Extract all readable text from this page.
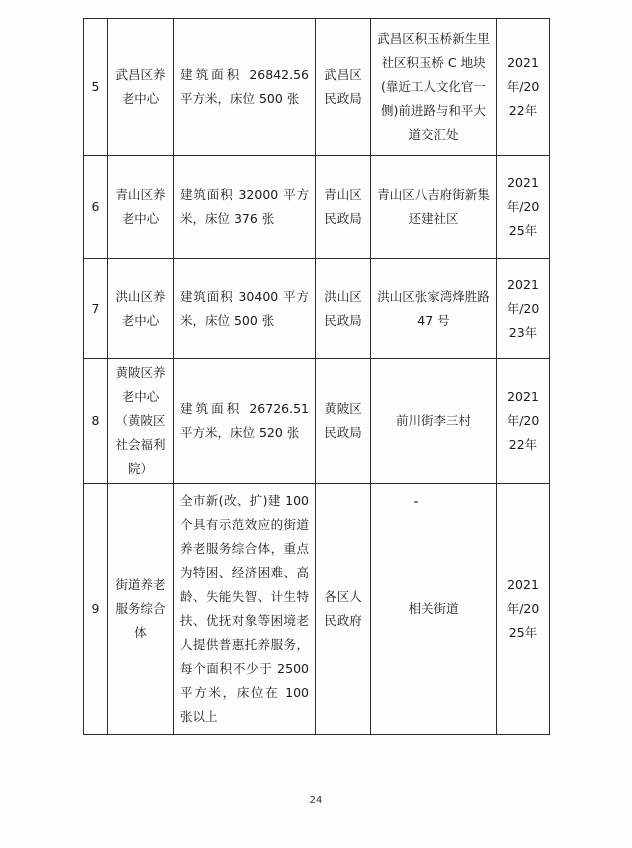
5	武昌区养老中心	建筑面积 26842.56 平方米，床位 500 张	武昌区民政局	武昌区积玉桥新生里社区积玉桥 C 地块(靠近工人文化官一侧)前进路与和平大道交汇处	2021年/2022年
6	青山区养老中心	建筑面积 32000 平方米，床位 376 张	青山区民政局	青山区八吉府街新集还建社区	2021年/2025年
7	洪山区养老中心	建筑面积 30400 平方米，床位 500 张	洪山区民政局	洪山区张家湾烽胜路 47 号	2021年/2023年
8	黄陂区养老中心（黄陂区社会福利院）	建筑面积 26726.51 平方米，床位 520 张	黄陂区民政局	前川街李三村	2021年/2022年
9	街道养老服务综合体	全市新(改、扩)建 100 个具有示范效应的街道养老服务综合体，重点为特困、经济困难、高龄、失能失智、计生特扶、优抚对象等困境老人提供普惠托养服务，每个面积不少于 2500 平方米，床位在 100 张以上	各区人民政府	相关街道	2021年/2025年
24
